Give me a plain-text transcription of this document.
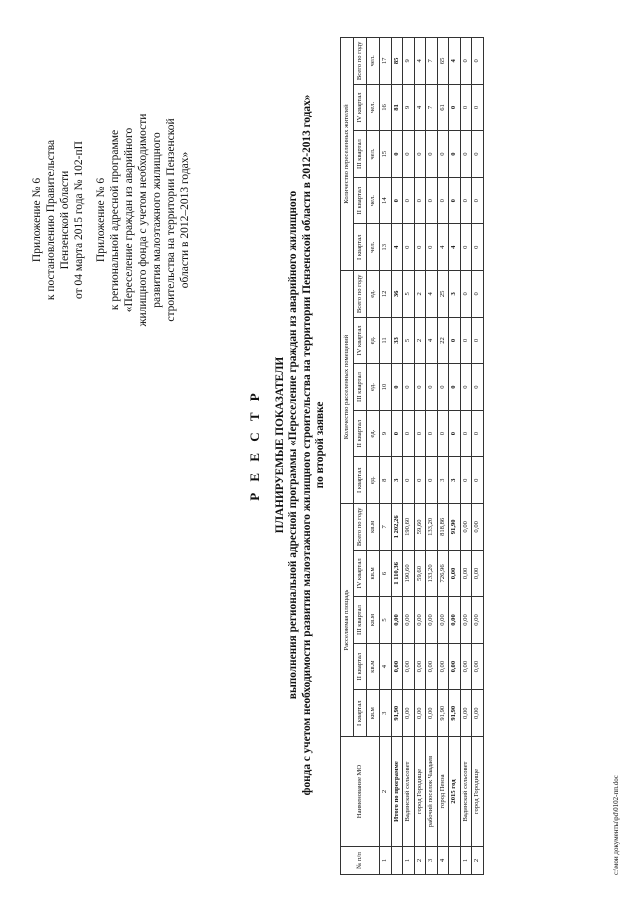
Приложение № 6 к постановлению Правительства Пензенской области от 04 марта 2015 года № 102-пП Приложение № 6 к региональной адресной программе «Переселение граждан из аварийного жилищного фонда с учетом необходимости развития малоэтажного жилищного строительства на территории Пензенской области в 2012–2013 годах»
Р Е Е С Т Р ПЛАНИРУЕМЫЕ ПОКАЗАТЕЛИ выполнения региональной адресной программы «Переселение граждан из аварийного жилищного фонда с учетом необходимости развития малоэтажного жилищного строительства на территории Пензенской области в 2012-2013 годах» по второй заявке
№ п/п	Наименование МО	Расселяемая площадь					Количество расселенных помещений					Количество переселенных жителей				
		I квартал	II квартал	III квартал	IV квартал	Всего по году	I квартал	II квартал	III квартал	IV квартал	Всего по году	I квартал	II квартал	III квартал	IV квартал	Всего по году
		кв.м	кв.м	кв.м	кв.м	кв.м	ед.	ед.	ед.	ед.	ед.	чел.	чел.	чел.	чел.	чел.
1	2	3	4	5	6	7	8	9	10	11	12	13	14	15	16	17
	Итого по программе	91,90	0,00	0,00	1 110,36	1 202,26	3	0	0	33	36	4	0	0	81	85
1	Вадинский сельсовет	0,00	0,00	0,00	190,60	190,60	0	0	0	5	5	0	0	0	9	9
2	город Городище	0,00	0,00	0,00	59,60	59,60	0	0	0	2	2	0	0	0	4	4
3	рабочий поселок Чаадаев	0,00	0,00	0,00	133,20	133,20	0	0	0	4	4	0	0	0	7	7
4	город Пенза	91,90	0,00	0,00	726,96	818,86	3	0	0	22	25	4	0	0	61	65
	2015 год	91,90	0,00	0,00	0,00	91,90	3	0	0	0	3	4	0	0	0	4
1	Вадинский сельсовет	0,00	0,00	0,00	0,00	0,00	0	0	0	0	0	0	0	0	0	0
2	город Городище	0,00	0,00	0,00	0,00	0,00	0	0	0	0	0	0	0	0	0	0
c:\мои документы\pd\0102-пп.doc
